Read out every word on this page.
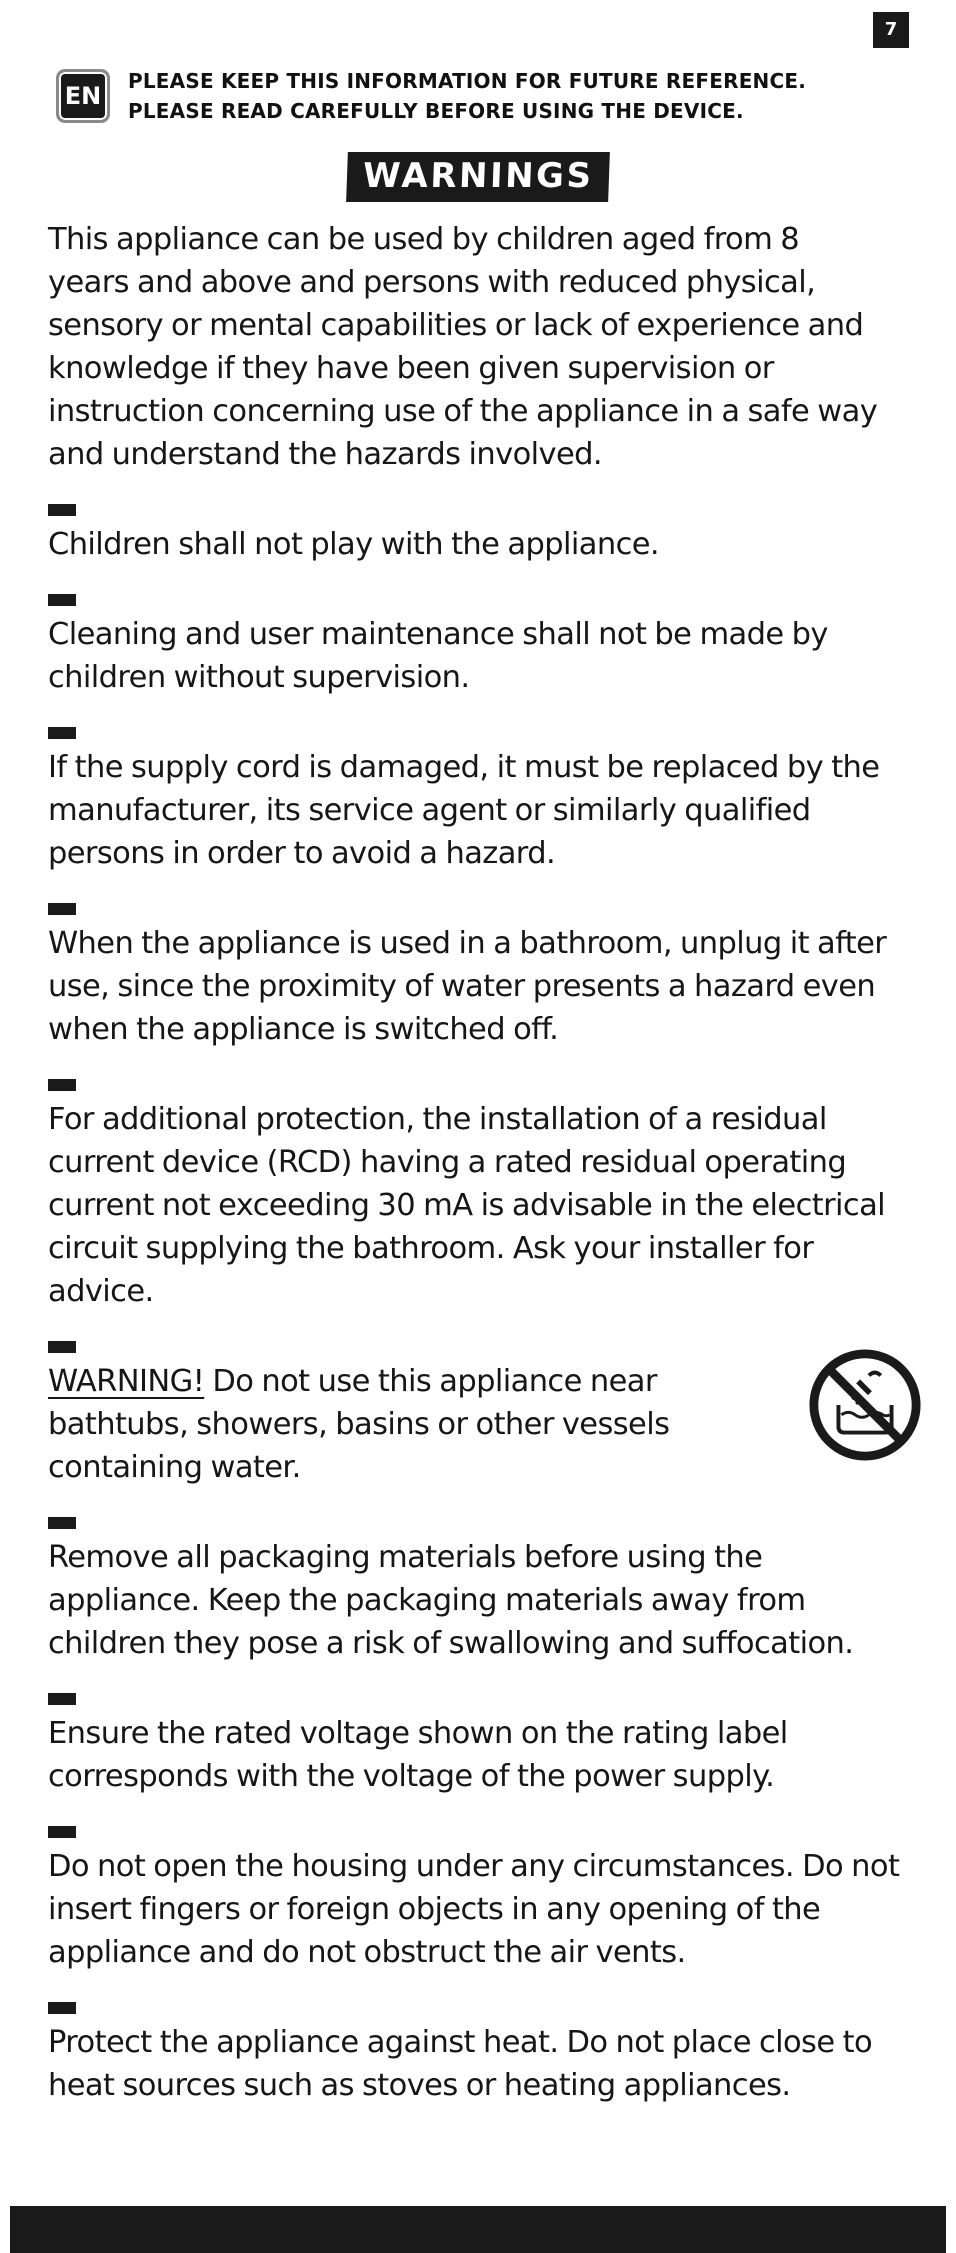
7
EN
PLEASE KEEP THIS INFORMATION FOR FUTURE REFERENCE.
PLEASE READ CAREFULLY BEFORE USING THE DEVICE.
WARNINGS

This appliance can be used by children aged from 8 years and above and persons with reduced physical, sensory or mental capabilities or lack of experience and knowledge if they have been given supervision or instruction concerning use of the appliance in a safe way and understand the hazards involved.

Children shall not play with the appliance.

Cleaning and user maintenance shall not be made by children without supervision.

If the supply cord is damaged, it must be replaced by the manufacturer, its service agent or similarly qualified persons in order to avoid a hazard.

When the appliance is used in a bathroom, unplug it after use, since the proximity of water presents a hazard even when the appliance is switched off.

For additional protection, the installation of a residual current device (RCD) having a rated residual operating current not exceeding 30 mA is advisable in the electrical circuit supplying the bathroom. Ask your installer for advice.

WARNING! Do not use this appliance near bathtubs, showers, basins or other vessels containing water.

Remove all packaging materials before using the appliance. Keep the packaging materials away from children they pose a risk of swallowing and suffocation.

Ensure the rated voltage shown on the rating label corresponds with the voltage of the power supply.

Do not open the housing under any circumstances. Do not insert fingers or foreign objects in any opening of the appliance and do not obstruct the air vents.

Protect the appliance against heat. Do not place close to heat sources such as stoves or heating appliances.
